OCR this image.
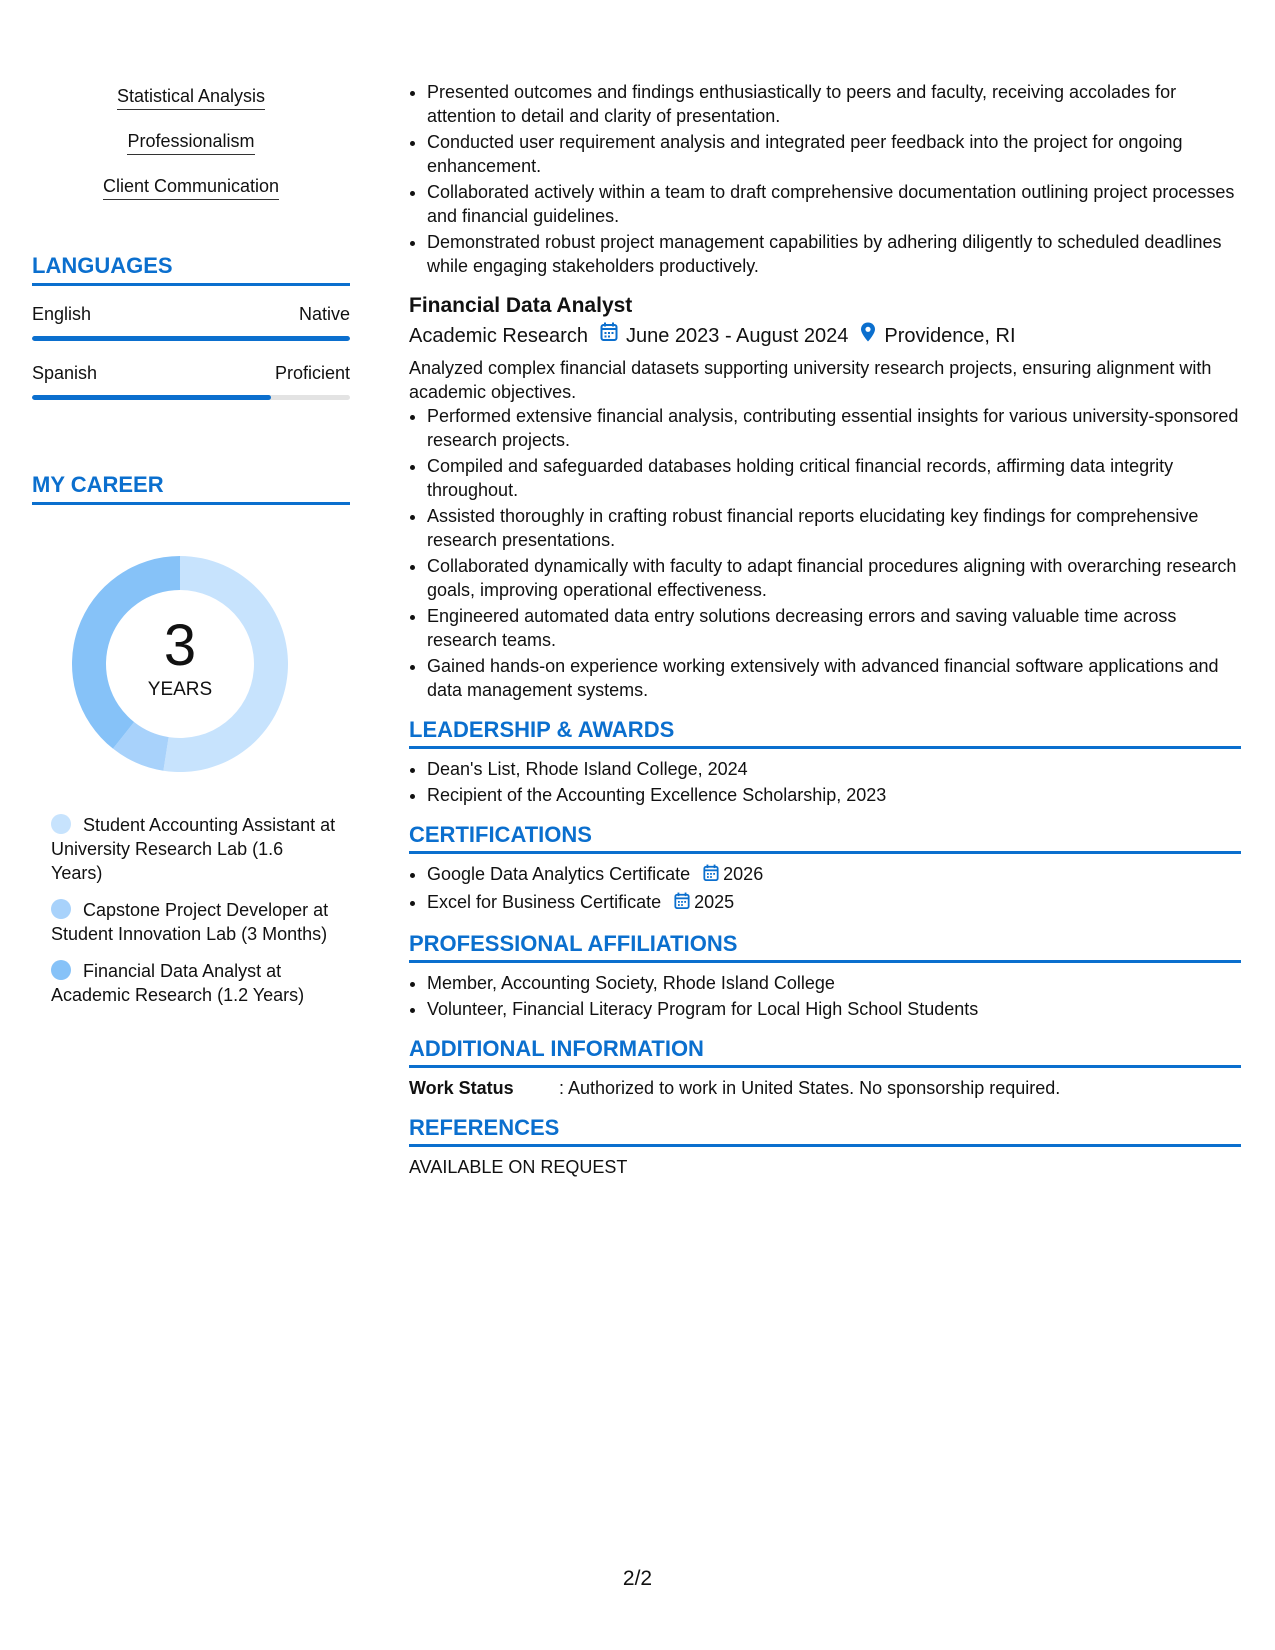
Statistical Analysis
Professionalism
Client Communication
LANGUAGES
English	Native
Spanish	Proficient
MY CAREER
3
YEARS
Student Accounting Assistant at University Research Lab (1.6 Years)
Capstone Project Developer at Student Innovation Lab (3 Months)
Financial Data Analyst at Academic Research (1.2 Years)
• Presented outcomes and findings enthusiastically to peers and faculty, receiving accolades for attention to detail and clarity of presentation.
• Conducted user requirement analysis and integrated peer feedback into the project for ongoing enhancement.
• Collaborated actively within a team to draft comprehensive documentation outlining project processes and financial guidelines.
• Demonstrated robust project management capabilities by adhering diligently to scheduled deadlines while engaging stakeholders productively.
Financial Data Analyst
Academic Research June 2023 - August 2024 Providence, RI
Analyzed complex financial datasets supporting university research projects, ensuring alignment with academic objectives.
• Performed extensive financial analysis, contributing essential insights for various university-sponsored research projects.
• Compiled and safeguarded databases holding critical financial records, affirming data integrity throughout.
• Assisted thoroughly in crafting robust financial reports elucidating key findings for comprehensive research presentations.
• Collaborated dynamically with faculty to adapt financial procedures aligning with overarching research goals, improving operational effectiveness.
• Engineered automated data entry solutions decreasing errors and saving valuable time across research teams.
• Gained hands-on experience working extensively with advanced financial software applications and data management systems.
LEADERSHIP & AWARDS
• Dean's List, Rhode Island College, 2024
• Recipient of the Accounting Excellence Scholarship, 2023
CERTIFICATIONS
• Google Data Analytics Certificate 2026
• Excel for Business Certificate 2025
PROFESSIONAL AFFILIATIONS
• Member, Accounting Society, Rhode Island College
• Volunteer, Financial Literacy Program for Local High School Students
ADDITIONAL INFORMATION
Work Status	: Authorized to work in United States. No sponsorship required.
REFERENCES
AVAILABLE ON REQUEST
2/2
